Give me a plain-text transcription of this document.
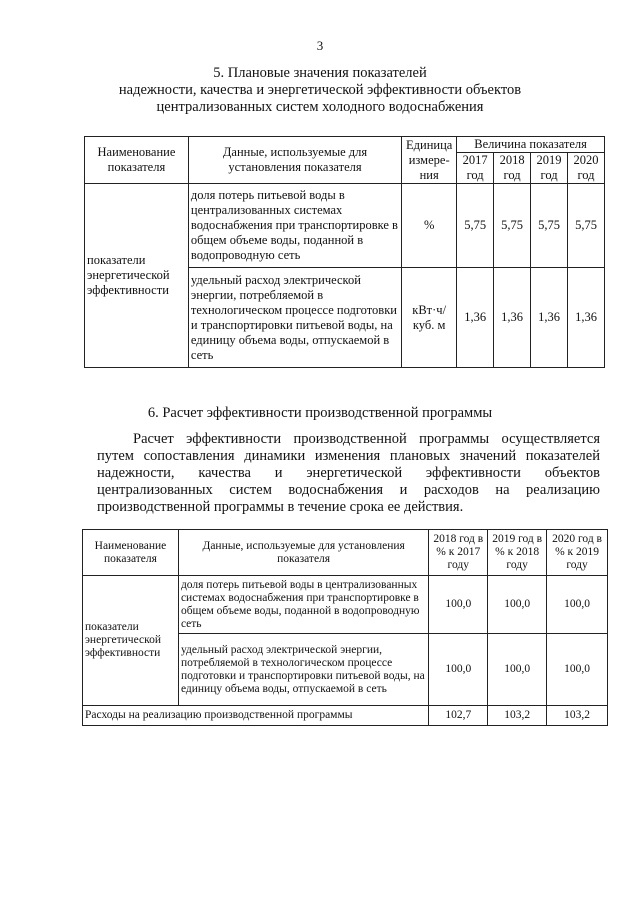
3
5. Плановые значения показателей
надежности, качества и энергетической эффективности объектов
централизованных систем холодного водоснабжения
Наименование показателя	Данные, используемые для установления показателя	Единица измере-ния	Величина показателя			
			2017 год	2018 год	2019 год	2020 год
показатели энергетической эффективности	доля потерь питьевой воды в централизованных системах водоснабжения при транспортировке в общем объеме воды, поданной в водопроводную сеть	%	5,75	5,75	5,75	5,75
	удельный расход электрической энергии, потребляемой в технологическом процессе подготовки и транспортировки питьевой воды, на единицу объема воды, отпускаемой в сеть	кВт·ч/ куб. м	1,36	1,36	1,36	1,36
6. Расчет эффективности производственной программы
Расчет эффективности производственной программы осуществляется путем сопоставления динамики изменения плановых значений показателей надежности, качества и энергетической эффективности объектов централизованных систем водоснабжения и расходов на реализацию производственной программы в течение срока ее действия.
Наименование показателя	Данные, используемые для установления показателя	2018 год в % к 2017 году	2019 год в % к 2018 году	2020 год в % к 2019 году
показатели энергетической эффективности	доля потерь питьевой воды в централизованных системах водоснабжения при транспортировке в общем объеме воды, поданной в водопроводную сеть	100,0	100,0	100,0
	удельный расход электрической энергии, потребляемой в технологическом процессе подготовки и транспортировки питьевой воды, на единицу объема воды, отпускаемой в сеть	100,0	100,0	100,0
Расходы на реализацию производственной программы		102,7	103,2	103,2
